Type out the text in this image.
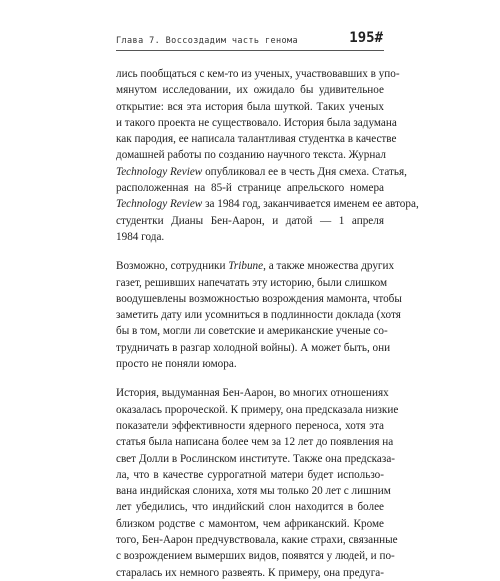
Глава 7. Воссоздадим часть генома	195#
лись пообщаться с кем-то из ученых, участвовавших в упо-
мянутом исследовании, их ожидало бы удивительное
открытие: вся эта история была шуткой. Таких ученых
и такого проекта не существовало. История была задумана
как пародия, ее написала талантливая студентка в качестве
домашней работы по созданию научного текста. Журнал
Technology Review опубликовал ее в честь Дня смеха. Статья,
расположенная на 85-й странице апрельского номера
Technology Review за 1984 год, заканчивается именем ее автора,
студентки Дианы Бен-Аарон, и датой — 1 апреля
1984 года.
Возможно, сотрудники Tribune, а также множества других
газет, решивших напечатать эту историю, были слишком
воодушевлены возможностью возрождения мамонта, чтобы
заметить дату или усомниться в подлинности доклада (хотя
бы в том, могли ли советские и американские ученые со-
трудничать в разгар холодной войны). А может быть, они
просто не поняли юмора.
История, выдуманная Бен-Аарон, во многих отношениях
оказалась пророческой. К примеру, она предсказала низкие
показатели эффективности ядерного переноса, хотя эта
статья была написана более чем за 12 лет до появления на
свет Долли в Рослинском институте. Также она предсказа-
ла, что в качестве суррогатной матери будет использо-
вана индийская слониха, хотя мы только 20 лет с лишним
лет убедились, что индийский слон находится в более
близком родстве с мамонтом, чем африканский. Кроме
того, Бен-Аарон предчувствовала, какие страхи, связанные
с возрождением вымерших видов, появятся у людей, и по-
старалась их немного развеять. К примеру, она предуга-
